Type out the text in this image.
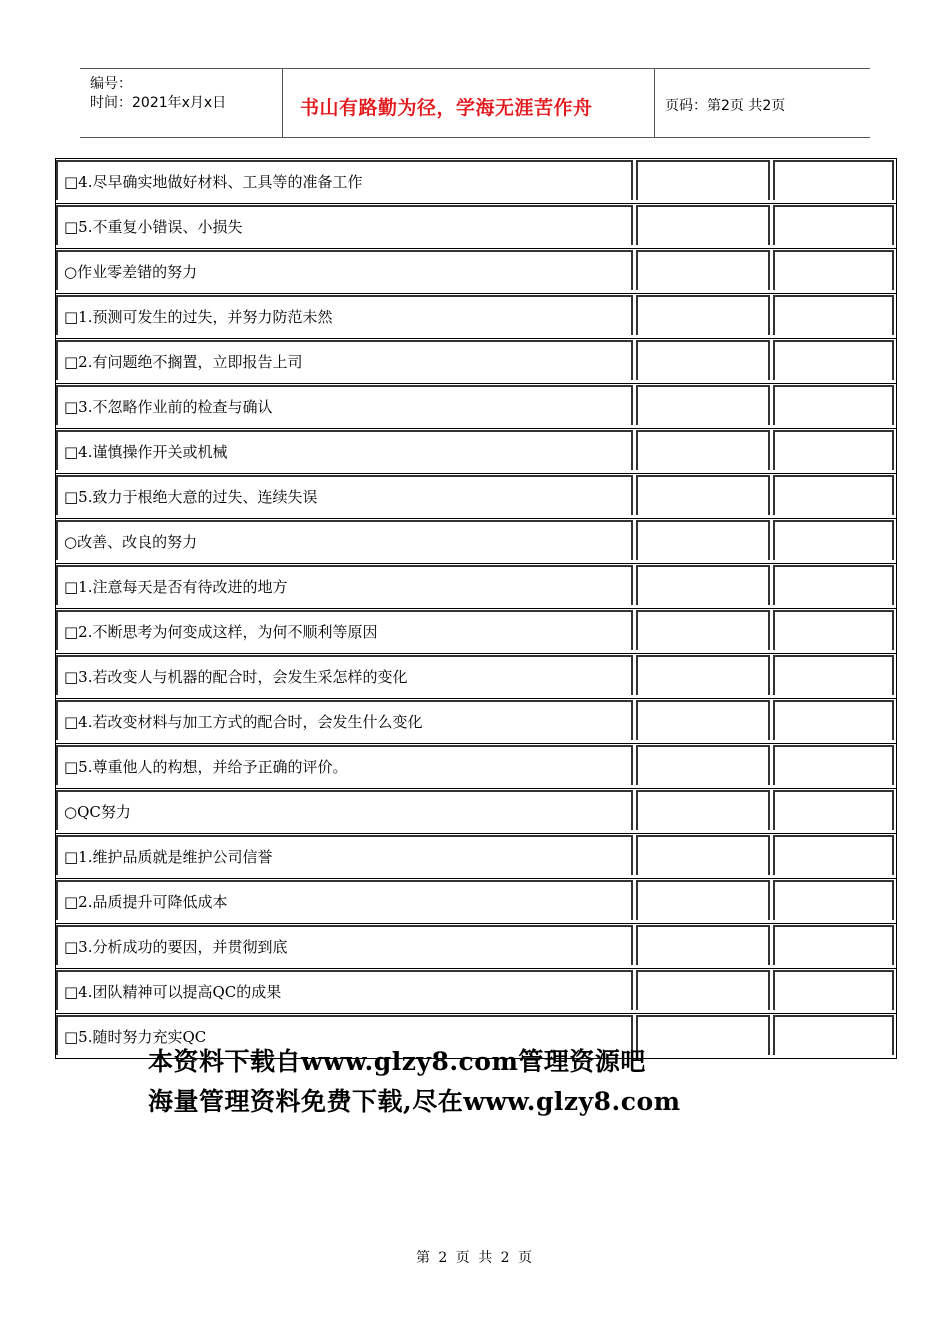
编号：
时间：2021年x月x日	书山有路勤为径，学海无涯苦作舟	页码：第2页 共2页
□4.尽早确实地做好材料、工具等的准备工作
□5.不重复小错误、小损失
○作业零差错的努力
□1.预测可发生的过失，并努力防范未然
□2.有问题绝不搁置，立即报告上司
□3.不忽略作业前的检查与确认
□4.谨慎操作开关或机械
□5.致力于根绝大意的过失、连续失误
○改善、改良的努力
□1.注意每天是否有待改进的地方
□2.不断思考为何变成这样，为何不顺利等原因
□3.若改变人与机器的配合时，会发生采怎样的变化
□4.若改变材料与加工方式的配合时，会发生什么变化
□5.尊重他人的构想，并给予正确的评价。
○QC努力
□1.维护品质就是维护公司信誉
□2.品质提升可降低成本
□3.分析成功的要因，并贯彻到底
□4.团队精神可以提高QC的成果
□5.随时努力充实QC
本资料下载自www.glzy8.com管理资源吧
海量管理资料免费下载,尽在www.glzy8.com
第 2 页 共 2 页
